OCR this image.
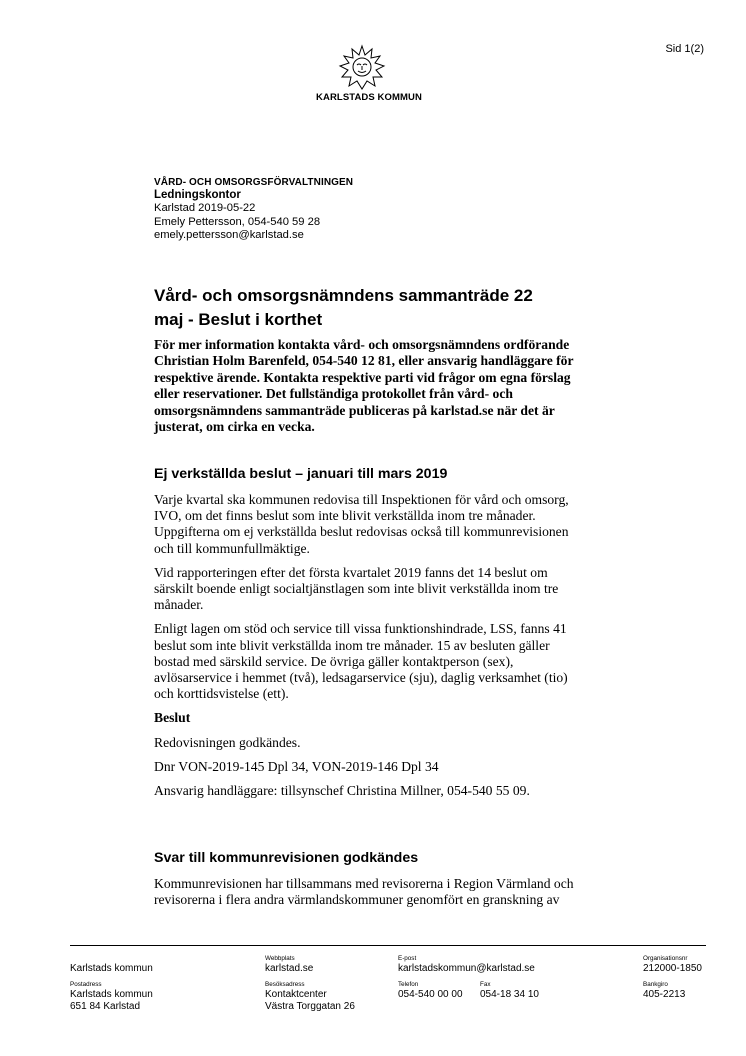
Sid 1(2)
KARLSTADS KOMMUN
VÅRD- OCH OMSORGSFÖRVALTNINGEN
Ledningskontor
Karlstad 2019-05-22
Emely Pettersson, 054-540 59 28
emely.pettersson@karlstad.se
Vård- och omsorgsnämndens sammanträde 22
maj - Beslut i korthet
För mer information kontakta vård- och omsorgsnämndens ordförande
Christian Holm Barenfeld, 054-540 12 81, eller ansvarig handläggare för
respektive ärende. Kontakta respektive parti vid frågor om egna förslag
eller reservationer. Det fullständiga protokollet från vård- och
omsorgsnämndens sammanträde publiceras på karlstad.se när det är
justerat, om cirka en vecka.
Ej verkställda beslut – januari till mars 2019

Varje kvartal ska kommunen redovisa till Inspektionen för vård och omsorg,
IVO, om det finns beslut som inte blivit verkställda inom tre månader.
Uppgifterna om ej verkställda beslut redovisas också till kommunrevisionen
och till kommunfullmäktige.

Vid rapporteringen efter det första kvartalet 2019 fanns det 14 beslut om
särskilt boende enligt socialtjänstlagen som inte blivit verkställda inom tre
månader.

Enligt lagen om stöd och service till vissa funktionshindrade, LSS, fanns 41
beslut som inte blivit verkställda inom tre månader. 15 av besluten gäller
bostad med särskild service. De övriga gäller kontaktperson (sex),
avlösarservice i hemmet (två), ledsagarservice (sju), daglig verksamhet (tio)
och korttidsvistelse (ett).

Beslut

Redovisningen godkändes.

Dnr VON-2019-145 Dpl 34, VON-2019-146 Dpl 34

Ansvarig handläggare: tillsynschef Christina Millner, 054-540 55 09.

Svar till kommunrevisionen godkändes

Kommunrevisionen har tillsammans med revisorerna i Region Värmland och

revisorerna i flera andra värmlandskommuner genomfört en granskning av

Karlstads kommun
Webbplats
karlstad.se
E-post
karlstadskommun@karlstad.se
Organisationsnr
212000-1850
Postadress
Karlstads kommun
651 84 Karlstad
Besöksadress
Kontaktcenter
Västra Torggatan 26
Telefon
054-540 00 00
Fax
054-18 34 10
Bankgiro
405-2213
